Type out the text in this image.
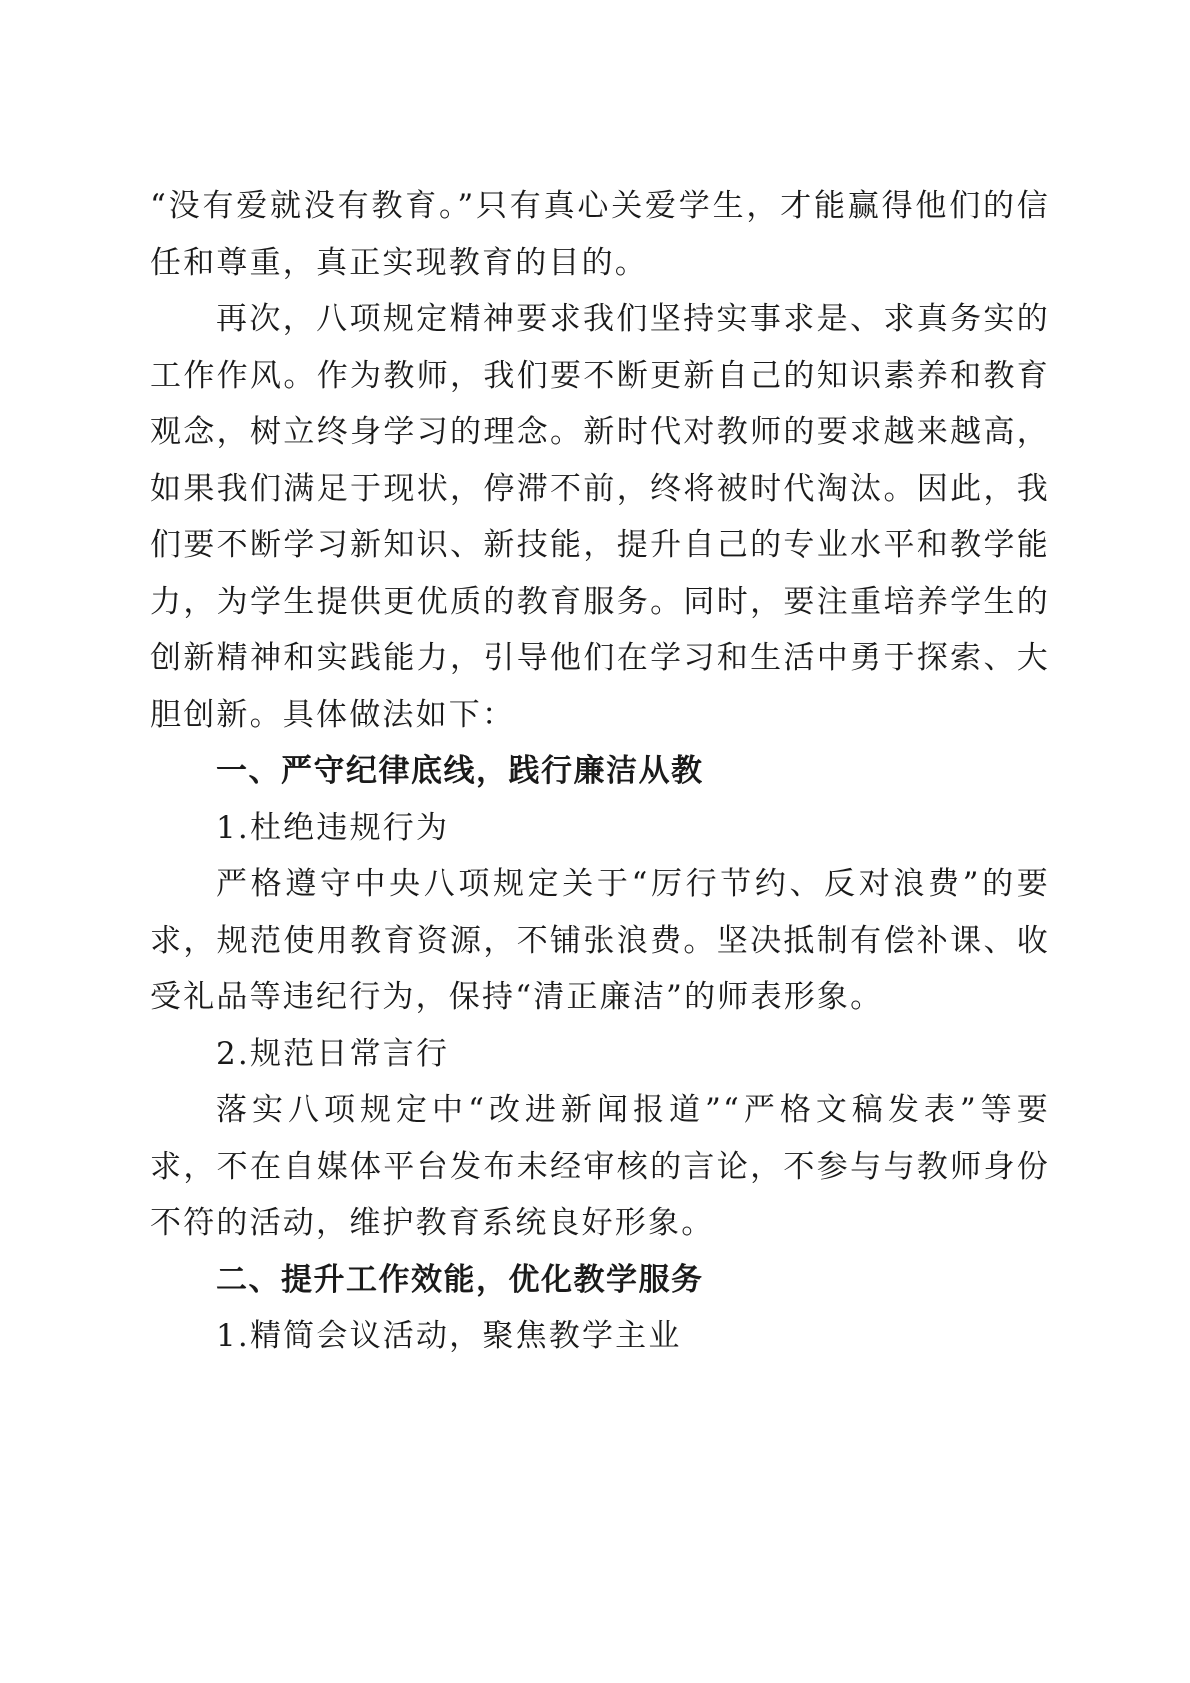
“没有爱就没有教育。”只有真心关爱学生，才能赢得他们的信任和尊重，真正实现教育的目的。

再次，八项规定精神要求我们坚持实事求是、求真务实的工作作风。作为教师，我们要不断更新自己的知识素养和教育观念，树立终身学习的理念。新时代对教师的要求越来越高，如果我们满足于现状，停滞不前，终将被时代淘汰。因此，我们要不断学习新知识、新技能，提升自己的专业水平和教学能力，为学生提供更优质的教育服务。同时，要注重培养学生的创新精神和实践能力，引导他们在学习和生活中勇于探索、大胆创新。具体做法如下：

一、严守纪律底线，践行廉洁从教

1.杜绝违规行为

严格遵守中央八项规定关于“厉行节约、反对浪费”的要求，规范使用教育资源，不铺张浪费。坚决抵制有偿补课、收受礼品等违纪行为，保持“清正廉洁”的师表形象。

2.规范日常言行

落实八项规定中“改进新闻报道”“严格文稿发表”等要求，不在自媒体平台发布未经审核的言论，不参与与教师身份不符的活动，维护教育系统良好形象。

二、提升工作效能，优化教学服务

1.精简会议活动，聚焦教学主业
